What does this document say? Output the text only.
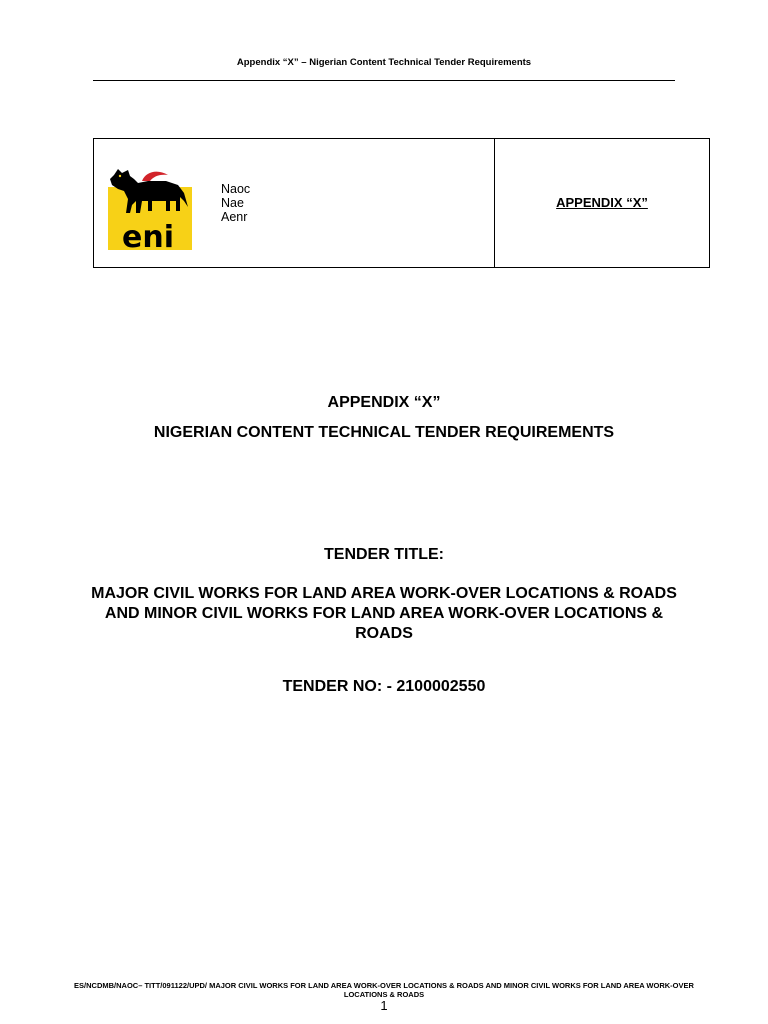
Appendix “X” – Nigerian Content Technical Tender Requirements
eni
Naoc
Nae
Aenr
APPENDIX “X”
APPENDIX “X”
NIGERIAN CONTENT TECHNICAL TENDER REQUIREMENTS
TENDER TITLE:
MAJOR CIVIL WORKS FOR LAND AREA WORK-OVER LOCATIONS & ROADS AND MINOR CIVIL WORKS FOR LAND AREA WORK-OVER LOCATIONS & ROADS
TENDER NO: - 2100002550
ES/NCDMB/NAOC– TITT/091122/UPD/ MAJOR CIVIL WORKS FOR LAND AREA WORK-OVER LOCATIONS & ROADS AND MINOR CIVIL WORKS FOR LAND AREA WORK-OVER LOCATIONS & ROADS
1
